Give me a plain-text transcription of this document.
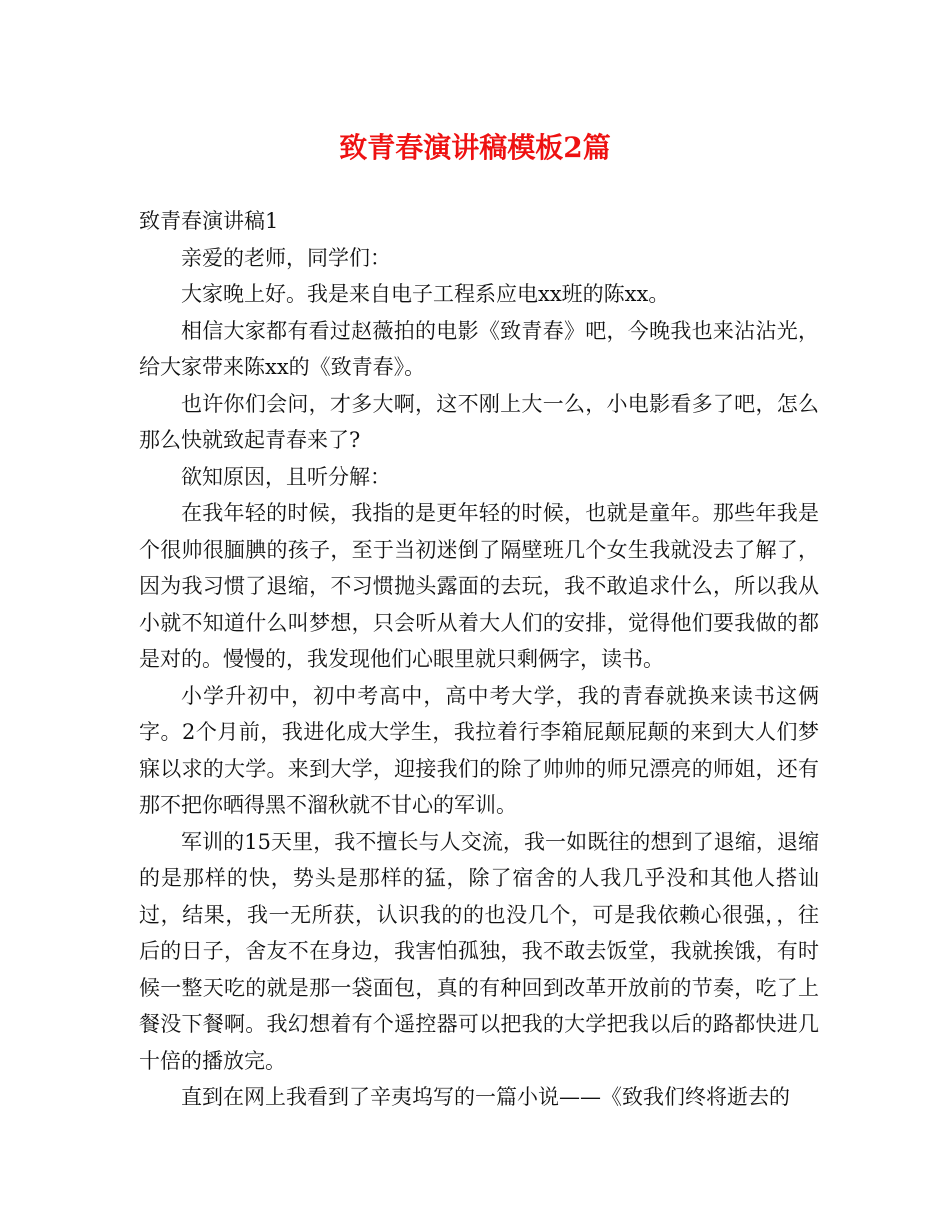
致青春演讲稿模板2篇

致青春演讲稿1

亲爱的老师，同学们：

大家晚上好。我是来自电子工程系应电xx班的陈xx。

相信大家都有看过赵薇拍的电影《致青春》吧，今晚我也来沾沾光，给大家带来陈xx的《致青春》。

也许你们会问，才多大啊，这不刚上大一么，小电影看多了吧，怎么那么快就致起青春来了?

欲知原因，且听分解：

在我年轻的时候，我指的是更年轻的时候，也就是童年。那些年我是个很帅很腼腆的孩子，至于当初迷倒了隔壁班几个女生我就没去了解了，因为我习惯了退缩，不习惯抛头露面的去玩，我不敢追求什么，所以我从小就不知道什么叫梦想，只会听从着大人们的安排，觉得他们要我做的都是对的。慢慢的，我发现他们心眼里就只剩俩字，读书。

小学升初中，初中考高中，高中考大学，我的青春就换来读书这俩字。2个月前，我进化成大学生，我拉着行李箱屁颠屁颠的来到大人们梦寐以求的大学。来到大学，迎接我们的除了帅帅的师兄漂亮的师姐，还有那不把你晒得黑不溜秋就不甘心的军训。

军训的15天里，我不擅长与人交流，我一如既往的想到了退缩，退缩的是那样的快，势头是那样的猛，除了宿舍的人我几乎没和其他人搭讪过，结果，我一无所获，认识我的的也没几个，可是我依赖心很强，，往后的日子，舍友不在身边，我害怕孤独，我不敢去饭堂，我就挨饿，有时候一整天吃的就是那一袋面包，真的有种回到改革开放前的节奏，吃了上餐没下餐啊。我幻想着有个遥控器可以把我的大学把我以后的路都快进几十倍的播放完。

直到在网上我看到了辛夷坞写的一篇小说——《致我们终将逝去的
